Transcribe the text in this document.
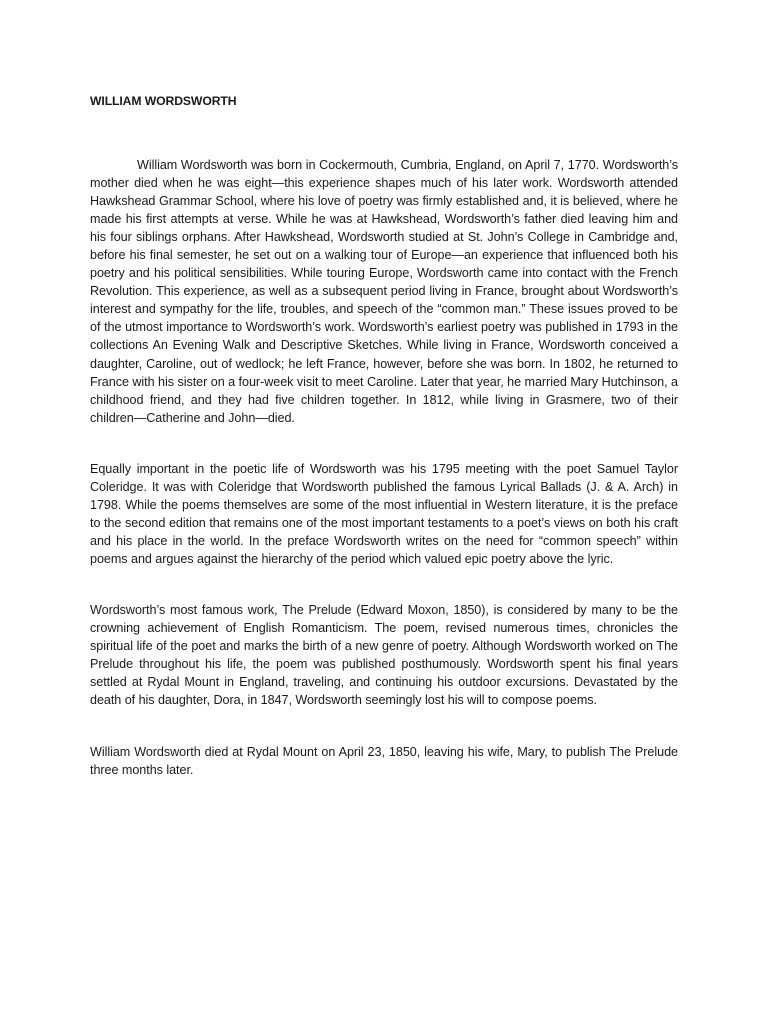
WILLIAM WORDSWORTH

William Wordsworth was born in Cockermouth, Cumbria, England, on April 7, 1770. Wordsworth’s mother died when he was eight—this experience shapes much of his later work. Wordsworth attended Hawkshead Grammar School, where his love of poetry was firmly established and, it is believed, where he made his first attempts at verse. While he was at Hawkshead, Wordsworth’s father died leaving him and his four siblings orphans. After Hawkshead, Wordsworth studied at St. John’s College in Cambridge and, before his final semester, he set out on a walking tour of Europe—an experience that influenced both his poetry and his political sensibilities. While touring Europe, Wordsworth came into contact with the French Revolution. This experience, as well as a subsequent period living in France, brought about Wordsworth’s interest and sympathy for the life, troubles, and speech of the “common man.” These issues proved to be of the utmost importance to Wordsworth’s work. Wordsworth’s earliest poetry was published in 1793 in the collections An Evening Walk and Descriptive Sketches. While living in France, Wordsworth conceived a daughter, Caroline, out of wedlock; he left France, however, before she was born. In 1802, he returned to France with his sister on a four-week visit to meet Caroline. Later that year, he married Mary Hutchinson, a childhood friend, and they had five children together. In 1812, while living in Grasmere, two of their children—Catherine and John—died.

Equally important in the poetic life of Wordsworth was his 1795 meeting with the poet Samuel Taylor Coleridge. It was with Coleridge that Wordsworth published the famous Lyrical Ballads (J. & A. Arch) in 1798. While the poems themselves are some of the most influential in Western literature, it is the preface to the second edition that remains one of the most important testaments to a poet’s views on both his craft and his place in the world. In the preface Wordsworth writes on the need for “common speech” within poems and argues against the hierarchy of the period which valued epic poetry above the lyric.

Wordsworth’s most famous work, The Prelude (Edward Moxon, 1850), is considered by many to be the crowning achievement of English Romanticism. The poem, revised numerous times, chronicles the spiritual life of the poet and marks the birth of a new genre of poetry. Although Wordsworth worked on The Prelude throughout his life, the poem was published posthumously. Wordsworth spent his final years settled at Rydal Mount in England, traveling, and continuing his outdoor excursions. Devastated by the death of his daughter, Dora, in 1847, Wordsworth seemingly lost his will to compose poems.

William Wordsworth died at Rydal Mount on April 23, 1850, leaving his wife, Mary, to publish The Prelude three months later.
